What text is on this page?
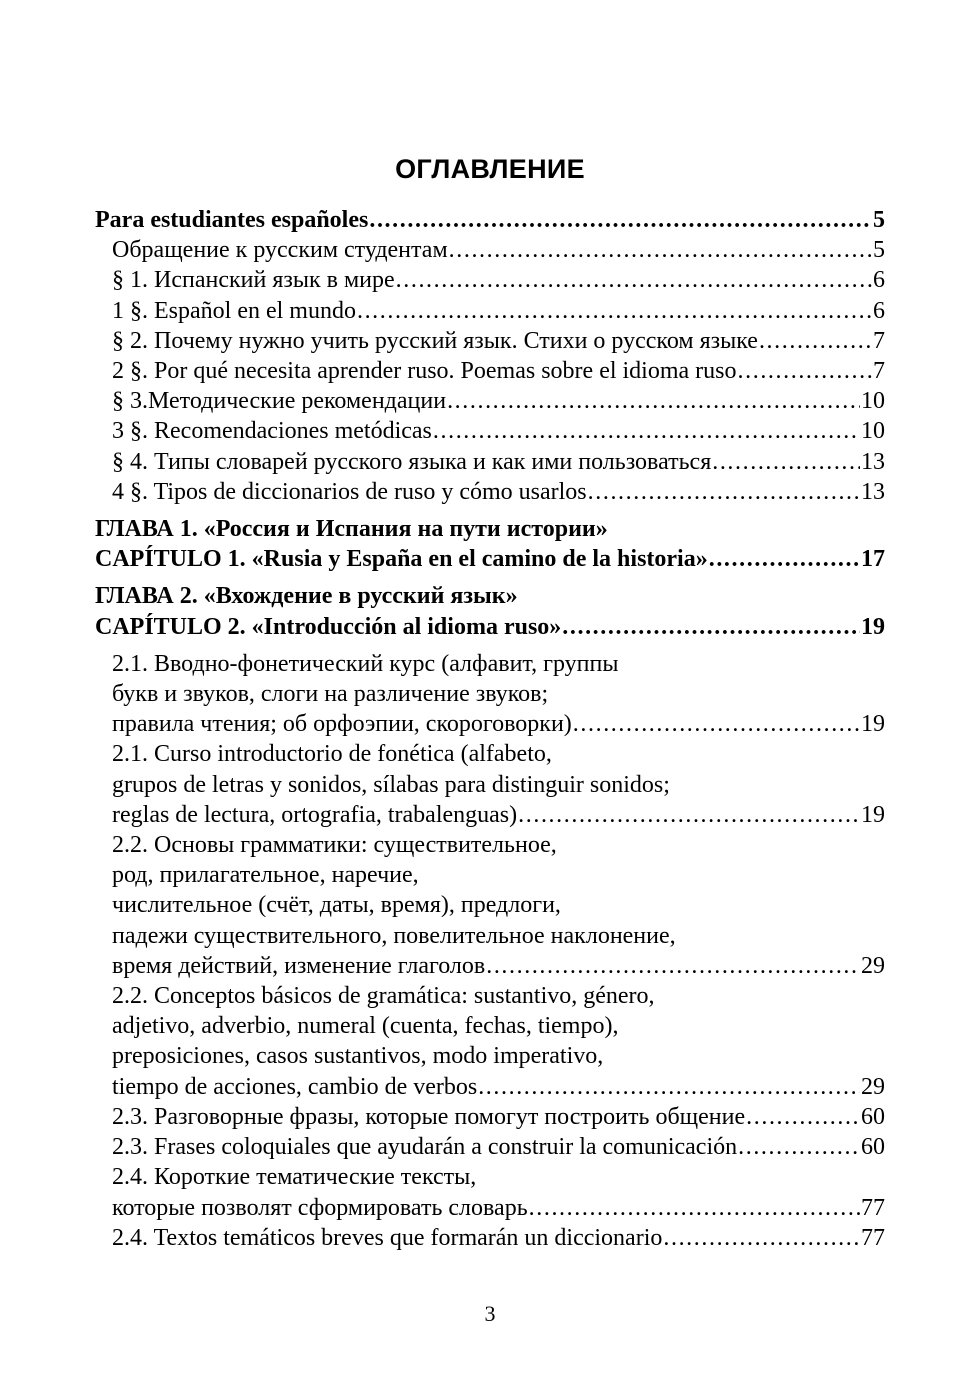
ОГЛАВЛЕНИЕ
Para estudiantes españoles . . .	5
Обращение к русским студентам . . .	5
§ 1. Испанский язык в мире . . .	6
1 §. Español en el mundo . . .	6
§ 2. Почему нужно учить русский язык. Стихи о русском языке . . .	7
2 §. Por qué necesita aprender ruso. Poemas sobre el idioma ruso . . .	7
§ 3.Методические рекомендации . . .	10
3 §. Recomendaciones metódicas . . .	10
§ 4. Типы словарей русского языка и как ими пользоваться . . .	13
4 §. Tipos de diccionarios de ruso y cómo usarlos . . .	13
ГЛАВА 1. «Россия и Испания на пути истории»
CAPÍTULO 1. «Rusia y España en el camino de la historia» . . .	17
ГЛАВА 2. «Вхождение в русский язык»
CAPÍTULO 2. «Introducción al idioma ruso» . . .	19
2.1. Вводно-фонетический курс (алфавит, группы
букв и звуков, слоги на различение звуков;
правила чтения; об орфоэпии, скороговорки) . . .	19
2.1. Curso introductorio de fonética (alfabeto,
grupos de letras y sonidos, sílabas para distinguir sonidos;
reglas de lectura, ortografia, trabalenguas) . . .	19
2.2. Основы грамматики: существительное,
род, прилагательное, наречие,
числительное (счёт, даты, время), предлоги,
падежи существительного, повелительное наклонение,
время действий, изменение глаголов . . .	29
2.2. Conceptos básicos de gramática: sustantivo, género,
adjetivo, adverbio, numeral (cuenta, fechas, tiempo),
preposiciones, casos sustantivos, modo imperativo,
tiempo de acciones, cambio de verbos . . .	29
2.3. Разговорные фразы, которые помогут построить общение . . .	60
2.3. Frases coloquiales que ayudarán a construir la comunicación . . .	60
2.4. Короткие тематические тексты,
которые позволят сформировать словарь . . .	77
2.4. Textos temáticos breves que formarán un diccionario . . .	77
3
